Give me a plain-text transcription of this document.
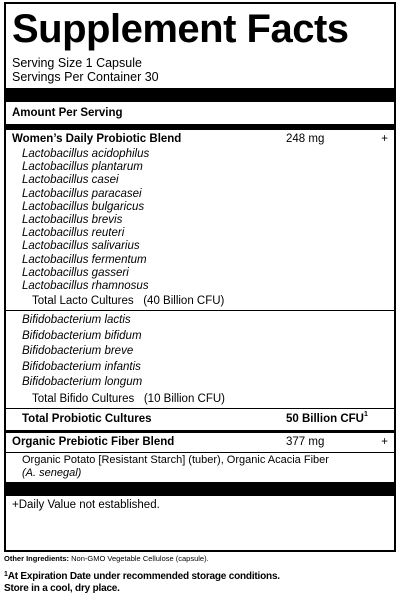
Supplement Facts
Serving Size 1 Capsule
Servings Per Container 30
Amount Per Serving
Women’s Daily Probiotic Blend	248 mg	+
Lactobacillus acidophilus
Lactobacillus plantarum
Lactobacillus casei
Lactobacillus paracasei
Lactobacillus bulgaricus
Lactobacillus brevis
Lactobacillus reuteri
Lactobacillus salivarius
Lactobacillus fermentum
Lactobacillus gasseri
Lactobacillus rhamnosus
Total Lacto Cultures   (40 Billion CFU)
Bifidobacterium lactis
Bifidobacterium bifidum
Bifidobacterium breve
Bifidobacterium infantis
Bifidobacterium longum
Total Bifido Cultures   (10 Billion CFU)
Total Probiotic Cultures	50 Billion CFU$^1$
Organic Prebiotic Fiber Blend	377 mg	+
Organic Potato [Resistant Starch] (tuber), Organic Acacia Fiber
(A. senegal)
+Daily Value not established.
Other Ingredients: Non-GMO Vegetable Cellulose (capsule).
$^1$At Expiration Date under recommended storage conditions.
Store in a cool, dry place.
